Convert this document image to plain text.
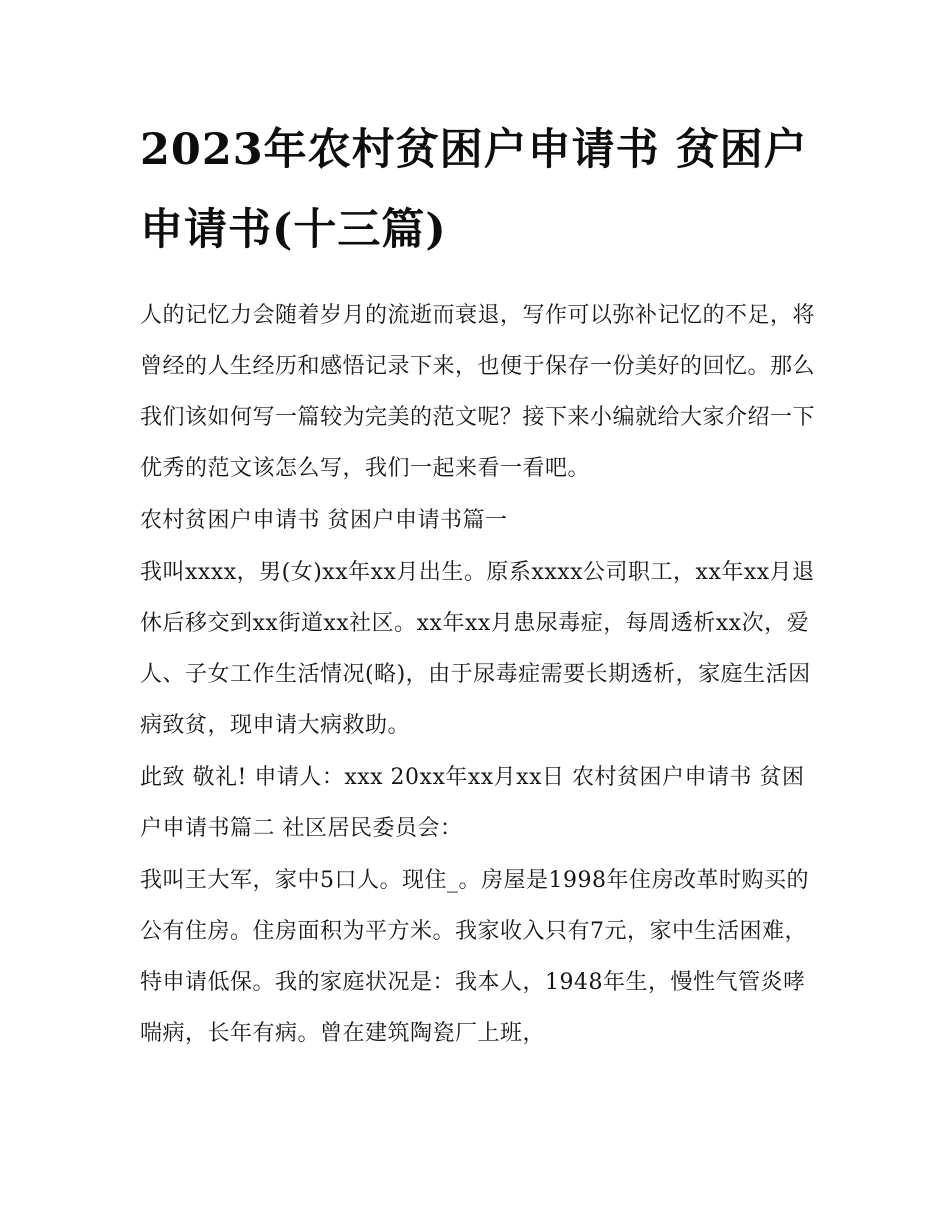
2023年农村贫困户申请书 贫困户申请书(十三篇)

人的记忆力会随着岁月的流逝而衰退，写作可以弥补记忆的不足，将曾经的人生经历和感悟记录下来，也便于保存一份美好的回忆。那么我们该如何写一篇较为完美的范文呢？接下来小编就给大家介绍一下优秀的范文该怎么写，我们一起来看一看吧。

农村贫困户申请书 贫困户申请书篇一

我叫xxxx，男(女)xx年xx月出生。原系xxxx公司职工，xx年xx月退休后移交到xx街道xx社区。xx年xx月患尿毒症，每周透析xx次，爱人、子女工作生活情况(略)，由于尿毒症需要长期透析，家庭生活因病致贫，现申请大病救助。

此致 敬礼! 申请人：xxx 20xx年xx月xx日 农村贫困户申请书 贫困户申请书篇二 社区居民委员会：

我叫王大军，家中5口人。现住_。房屋是1998年住房改革时购买的公有住房。住房面积为平方米。我家收入只有7元，家中生活困难，特申请低保。我的家庭状况是：我本人，1948年生，慢性气管炎哮喘病，长年有病。曾在建筑陶瓷厂上班，
